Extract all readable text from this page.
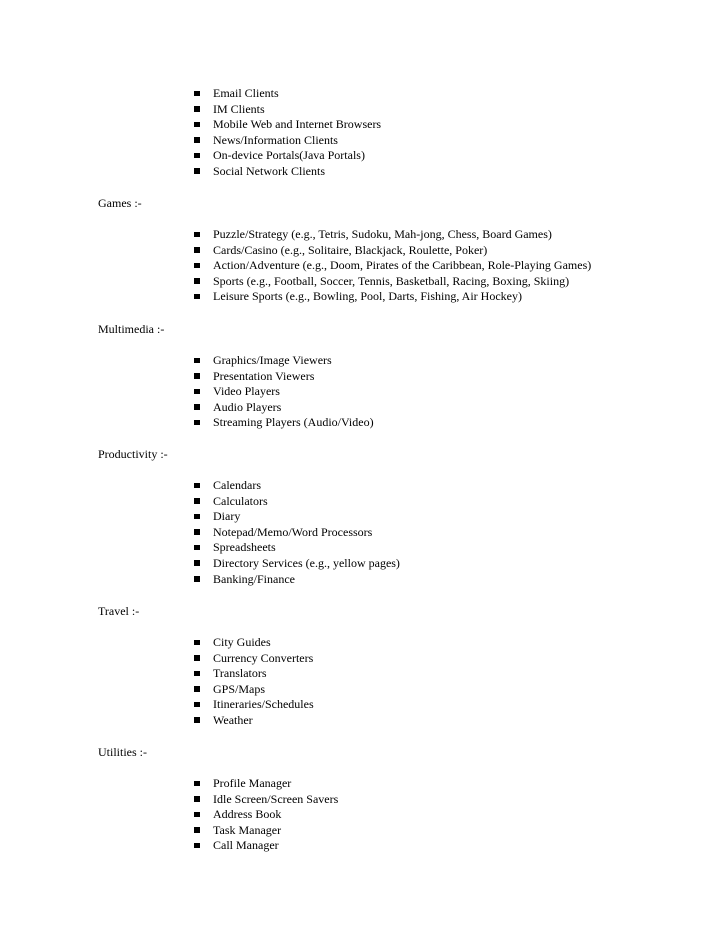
Email Clients
IM Clients
Mobile Web and Internet Browsers
News/Information Clients
On-device Portals(Java Portals)
Social Network Clients
Games :-
Puzzle/Strategy (e.g., Tetris, Sudoku, Mah-jong, Chess, Board Games)
Cards/Casino (e.g., Solitaire, Blackjack, Roulette, Poker)
Action/Adventure (e.g., Doom, Pirates of the Caribbean, Role-Playing Games)
Sports (e.g., Football, Soccer, Tennis, Basketball, Racing, Boxing, Skiing)
Leisure Sports (e.g., Bowling, Pool, Darts, Fishing, Air Hockey)
Multimedia :-
Graphics/Image Viewers
Presentation Viewers
Video Players
Audio Players
Streaming Players (Audio/Video)
Productivity :-
Calendars
Calculators
Diary
Notepad/Memo/Word Processors
Spreadsheets
Directory Services (e.g., yellow pages)
Banking/Finance
Travel :-
City Guides
Currency Converters
Translators
GPS/Maps
Itineraries/Schedules
Weather
Utilities :-
Profile Manager
Idle Screen/Screen Savers
Address Book
Task Manager
Call Manager
